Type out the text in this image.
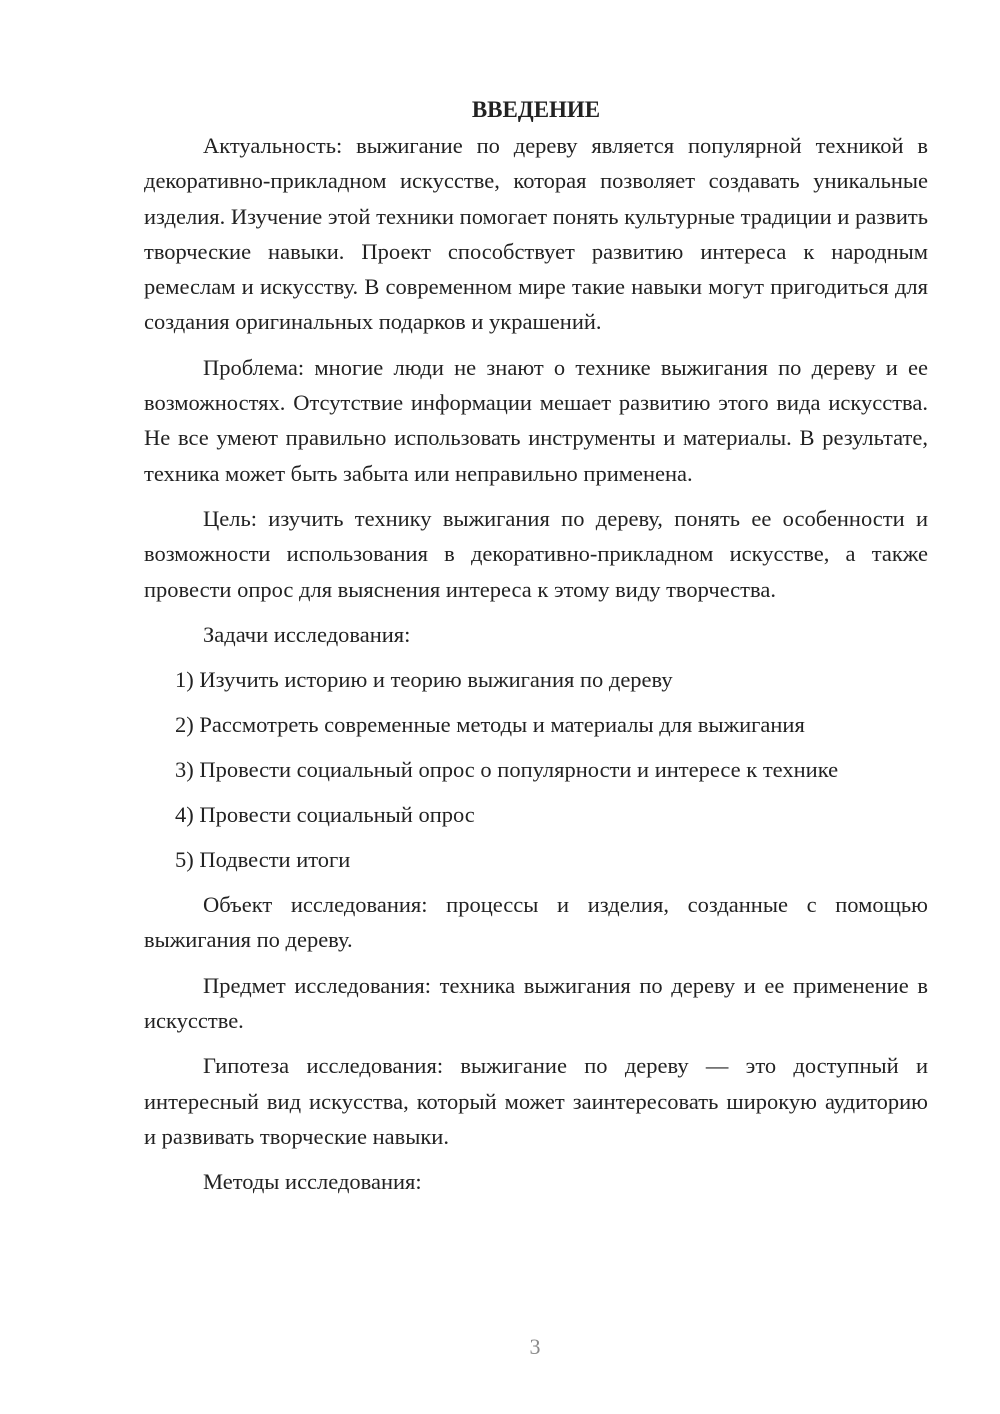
ВВЕДЕНИЕ

Актуальность: выжигание по дереву является популярной техникой в декоративно-прикладном искусстве, которая позволяет создавать уникальные изделия. Изучение этой техники помогает понять культурные традиции и развить творческие навыки. Проект способствует развитию интереса к народным ремеслам и искусству. В современном мире такие навыки могут пригодиться для создания оригинальных подарков и украшений.

Проблема: многие люди не знают о технике выжигания по дереву и ее возможностях. Отсутствие информации мешает развитию этого вида искусства. Не все умеют правильно использовать инструменты и материалы. В результате, техника может быть забыта или неправильно применена.

Цель: изучить технику выжигания по дереву, понять ее особенности и возможности использования в декоративно-прикладном искусстве, а также провести опрос для выяснения интереса к этому виду творчества.

Задачи исследования:

1) Изучить историю и теорию выжигания по дереву
2) Рассмотреть современные методы и материалы для выжигания
3) Провести социальный опрос о популярности и интересе к технике
4) Провести социальный опрос
5) Подвести итоги

Объект исследования: процессы и изделия, созданные с помощью выжигания по дереву.

Предмет исследования: техника выжигания по дереву и ее применение в искусстве.

Гипотеза исследования: выжигание по дереву — это доступный и интересный вид искусства, который может заинтересовать широкую аудиторию и развивать творческие навыки.

Методы исследования:

3
